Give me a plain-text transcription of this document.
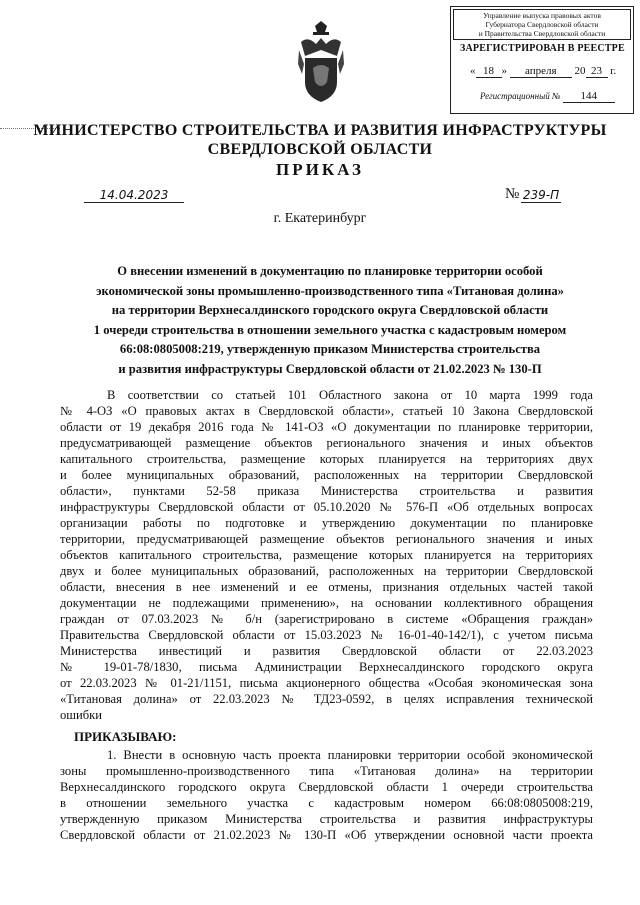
Управление выпуска правовых актов
Губернатора Свердловской области
и Правительства Свердловской области
ЗАРЕГИСТРИРОВАН В РЕЕСТРЕ
« 18 » апреля 20 23 г.
Регистрационный № 144
МИНИСТЕРСТВО СТРОИТЕЛЬСТВА И РАЗВИТИЯ ИНФРАСТРУКТУРЫ
СВЕРДЛОВСКОЙ ОБЛАСТИ
ПРИКАЗ
14.04.2023	№ 239-П
г. Екатеринбург
О внесении изменений в документацию по планировке территории особой
экономической зоны промышленно-производственного типа «Титановая долина»
на территории Верхнесалдинского городского округа Свердловской области
1 очереди строительства в отношении земельного участка с кадастровым номером
66:08:0805008:219, утвержденную приказом Министерства строительства
и развития инфраструктуры Свердловской области от 21.02.2023 № 130-П
В соответствии со статьей 101 Областного закона от 10 марта 1999 года
№ 4-ОЗ «О правовых актах в Свердловской области», статьей 10 Закона Свердловской
области от 19 декабря 2016 года № 141-ОЗ «О документации по планировке территории,
предусматривающей размещение объектов регионального значения и иных объектов
капитального строительства, размещение которых планируется на территориях двух
и более муниципальных образований, расположенных на территории Свердловской
области», пунктами 52-58 приказа Министерства строительства и развития
инфраструктуры Свердловской области от 05.10.2020 № 576-П «Об отдельных вопросах
организации работы по подготовке и утверждению документации по планировке
территории, предусматривающей размещение объектов регионального значения и иных
объектов капитального строительства, размещение которых планируется на территориях
двух и более муниципальных образований, расположенных на территории Свердловской
области, внесения в нее изменений и ее отмены, признания отдельных частей такой
документации не подлежащими применению», на основании коллективного обращения
граждан от 07.03.2023 № б/н (зарегистрировано в системе «Обращения граждан»
Правительства Свердловской области от 15.03.2023 № 16-01-40-142/1), с учетом письма
Министерства инвестиций и развития Свердловской области от 22.03.2023
№ 19-01-78/1830, письма Администрации Верхнесалдинского городского округа
от 22.03.2023 № 01-21/1151, письма акционерного общества «Особая экономическая зона
«Титановая долина» от 22.03.2023 № ТД23-0592, в целях исправления технической
ошибки
ПРИКАЗЫВАЮ:
1. Внести в основную часть проекта планировки территории особой экономической
зоны промышленно-производственного типа «Титановая долина» на территории
Верхнесалдинского городского округа Свердловской области 1 очереди строительства
в отношении земельного участка с кадастровым номером 66:08:0805008:219,
утвержденную приказом Министерства строительства и развития инфраструктуры
Свердловской области от 21.02.2023 № 130-П «Об утверждении основной части проекта
